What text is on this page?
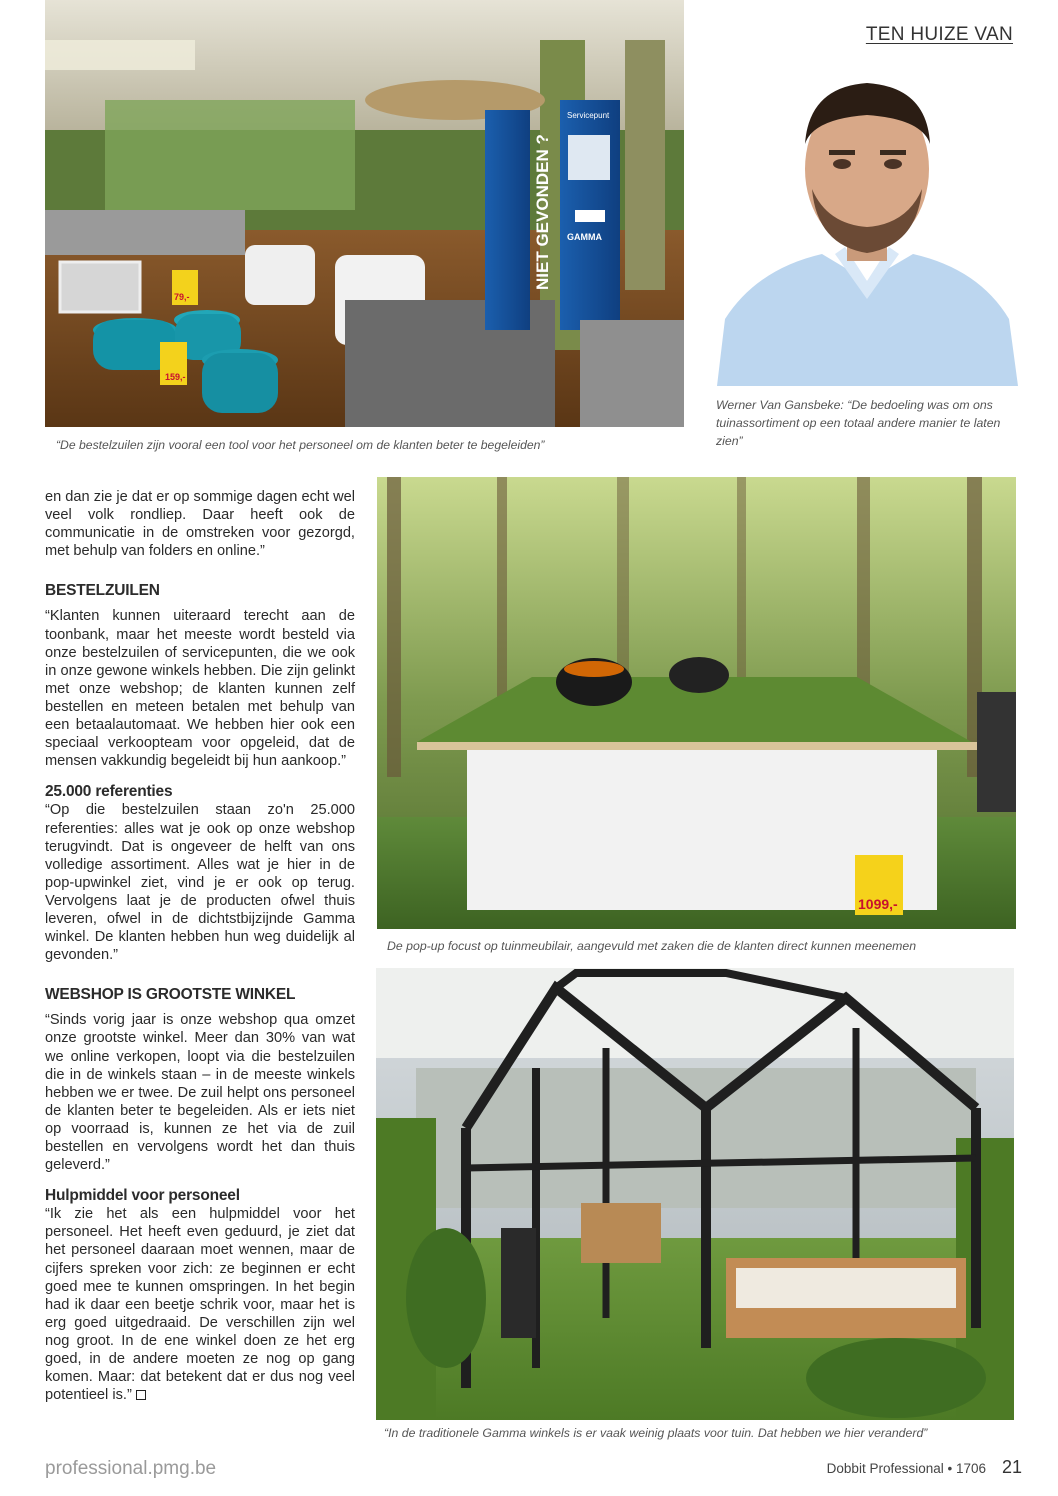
TEN HUIZE VAN
NIET GEVONDEN ?
Servicepunt
GAMMA
79,-
159,-
“De bestelzuilen zijn vooral een tool voor het personeel om de klanten beter te begeleiden”
Werner Van Gansbeke: “De bedoeling was om ons tuinassortiment op een totaal andere manier te laten zien”

en dan zie je dat er op sommige dagen echt wel veel volk rondliep. Daar heeft ook de communicatie in de omstreken voor gezorgd, met behulp van folders en online.”

BESTELZUILEN

“Klanten kunnen uiteraard terecht aan de toonbank, maar het meeste wordt besteld via onze bestelzuilen of servicepunten, die we ook in onze gewone winkels hebben. Die zijn gelinkt met onze webshop; de klanten kunnen zelf bestellen en meteen betalen met behulp van een betaalautomaat. We hebben hier ook een speciaal verkoopteam voor opgeleid, dat de mensen vakkundig begeleidt bij hun aankoop.”

25.000 referenties

“Op die bestelzuilen staan zo'n 25.000 referenties: alles wat je ook op onze webshop terugvindt. Dat is ongeveer de helft van ons volledige assortiment. Alles wat je hier in de pop-upwinkel ziet, vind je er ook op terug. Vervolgens laat je de producten ofwel thuis leveren, ofwel in de dichtstbijzijnde Gamma winkel. De klanten hebben hun weg duidelijk al gevonden.”

WEBSHOP IS GROOTSTE WINKEL

“Sinds vorig jaar is onze webshop qua omzet onze grootste winkel. Meer dan 30% van wat we online verkopen, loopt via die bestelzuilen die in de winkels staan – in de meeste winkels hebben we er twee. De zuil helpt ons personeel de klanten beter te begeleiden. Als er iets niet op voorraad is, kunnen ze het via de zuil bestellen en vervolgens wordt het dan thuis geleverd.”

Hulpmiddel voor personeel

“Ik zie het als een hulpmiddel voor het personeel. Het heeft even geduurd, je ziet dat het personeel daaraan moet wennen, maar de cijfers spreken voor zich: ze beginnen er echt goed mee te kunnen omspringen. In het begin had ik daar een beetje schrik voor, maar het is erg goed uitgedraaid. De verschillen zijn wel nog groot. In de ene winkel doen ze het erg goed, in de andere moeten ze nog op gang komen. Maar: dat betekent dat er dus nog veel potentieel is.”

1099,-
De pop-up focust op tuinmeubilair, aangevuld met zaken die de klanten direct kunnen meenemen
“In de traditionele Gamma winkels is er vaak weinig plaats voor tuin. Dat hebben we hier veranderd”
professional.pmg.be	Dobbit Professional • 1706 21
